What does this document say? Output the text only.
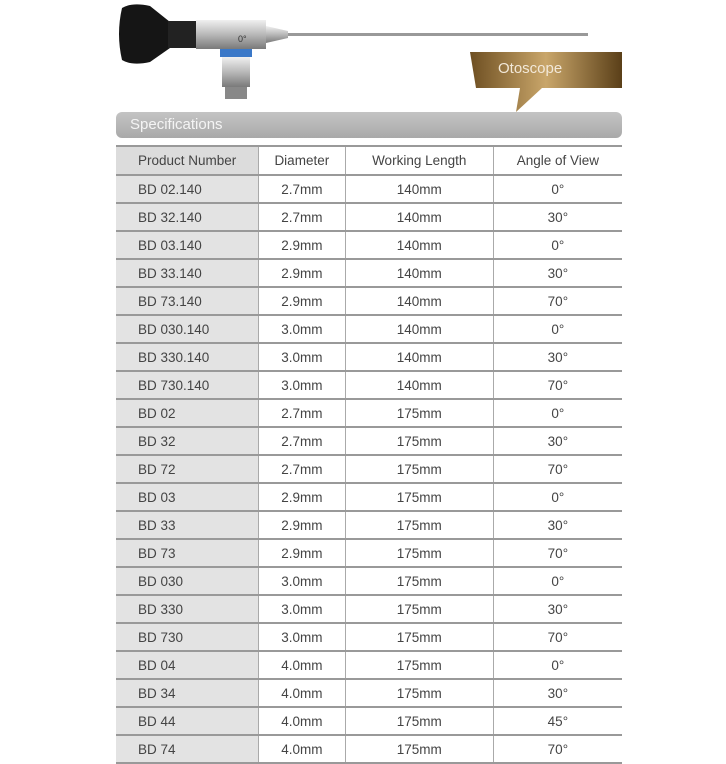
0°
Otoscope
Specifications
Product Number	Diameter	Working Length	Angle of View
BD 02.140	2.7mm	140mm	0°
BD 32.140	2.7mm	140mm	30°
BD 03.140	2.9mm	140mm	0°
BD 33.140	2.9mm	140mm	30°
BD 73.140	2.9mm	140mm	70°
BD 030.140	3.0mm	140mm	0°
BD 330.140	3.0mm	140mm	30°
BD 730.140	3.0mm	140mm	70°
BD 02	2.7mm	175mm	0°
BD 32	2.7mm	175mm	30°
BD 72	2.7mm	175mm	70°
BD 03	2.9mm	175mm	0°
BD 33	2.9mm	175mm	30°
BD 73	2.9mm	175mm	70°
BD 030	3.0mm	175mm	0°
BD 330	3.0mm	175mm	30°
BD 730	3.0mm	175mm	70°
BD 04	4.0mm	175mm	0°
BD 34	4.0mm	175mm	30°
BD 44	4.0mm	175mm	45°
BD 74	4.0mm	175mm	70°
